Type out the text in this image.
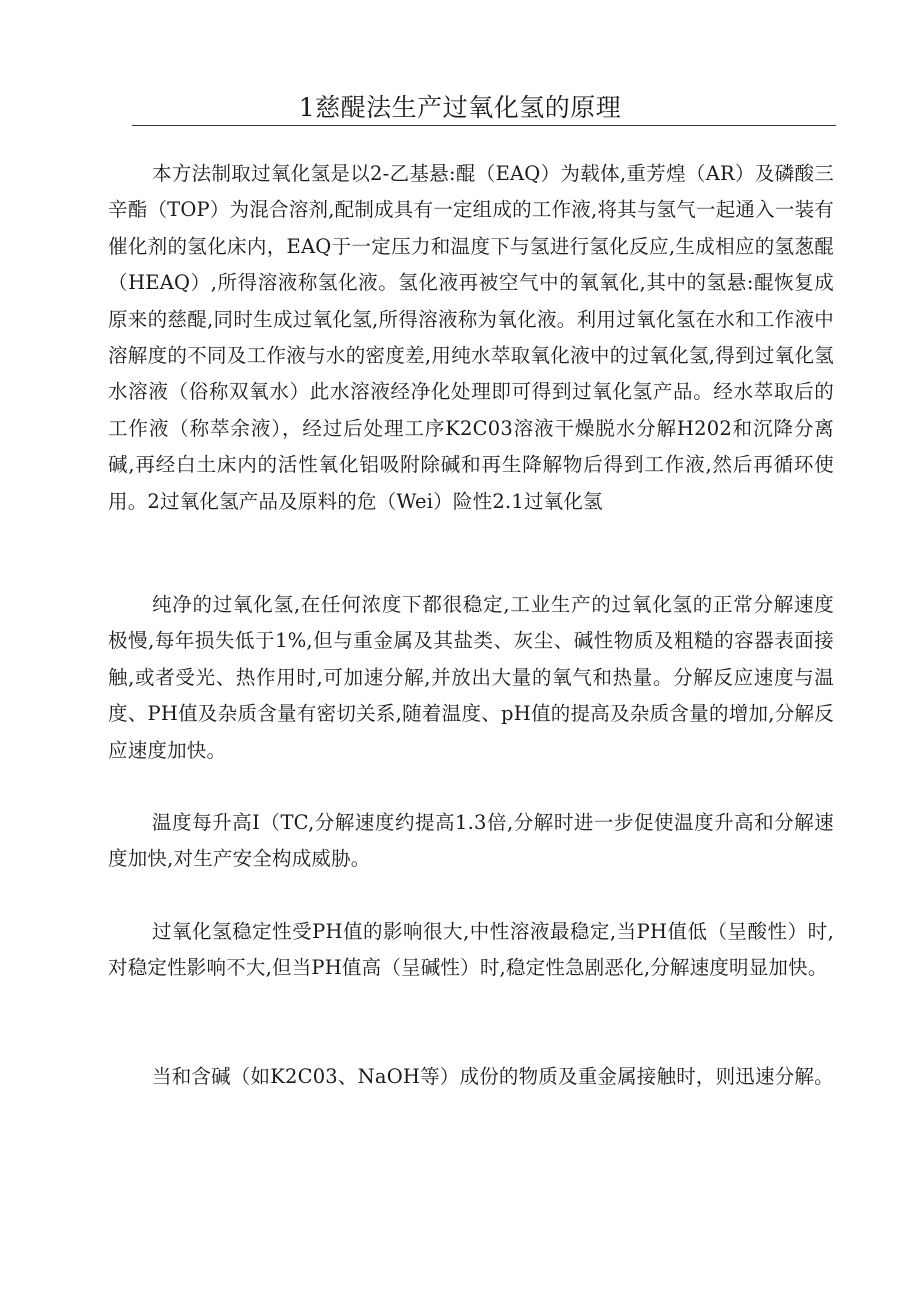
1慈醍法生产过氧化氢的原理

本方法制取过氧化氢是以2-乙基悬:醌（EAQ）为载体,重芳煌（AR）及磷酸三辛酯（TOP）为混合溶剂,配制成具有一定组成的工作液,将其与氢气一起通入一装有催化剂的氢化床内，EAQ于一定压力和温度下与氢进行氢化反应,生成相应的氢葱醌（HEAQ）,所得溶液称氢化液。氢化液再被空气中的氧氧化,其中的氢悬:醌恢复成原来的慈醍,同时生成过氧化氢,所得溶液称为氧化液。利用过氧化氢在水和工作液中溶解度的不同及工作液与水的密度差,用纯水萃取氧化液中的过氧化氢,得到过氧化氢水溶液（俗称双氧水）此水溶液经净化处理即可得到过氧化氢产品。经水萃取后的工作液（称萃余液），经过后处理工序K2C03溶液干燥脱水分解H202和沉降分离碱,再经白土床内的活性氧化铝吸附除碱和再生降解物后得到工作液,然后再循环使用。2过氧化氢产品及原料的危（Wei）险性2.1过氧化氢

纯净的过氧化氢,在任何浓度下都很稳定,工业生产的过氧化氢的正常分解速度极慢,每年损失低于1%,但与重金属及其盐类、灰尘、碱性物质及粗糙的容器表面接触,或者受光、热作用时,可加速分解,并放出大量的氧气和热量。分解反应速度与温度、PH值及杂质含量有密切关系,随着温度、pH值的提高及杂质含量的增加,分解反应速度加快。

温度每升高I（TC,分解速度约提高1.3倍,分解时进一步促使温度升高和分解速度加快,对生产安全构成威胁。

过氧化氢稳定性受PH值的影响很大,中性溶液最稳定,当PH值低（呈酸性）时,对稳定性影响不大,但当PH值高（呈碱性）时,稳定性急剧恶化,分解速度明显加快。

当和含碱（如K2C03、NaOH等）成份的物质及重金属接触时，则迅速分解。
